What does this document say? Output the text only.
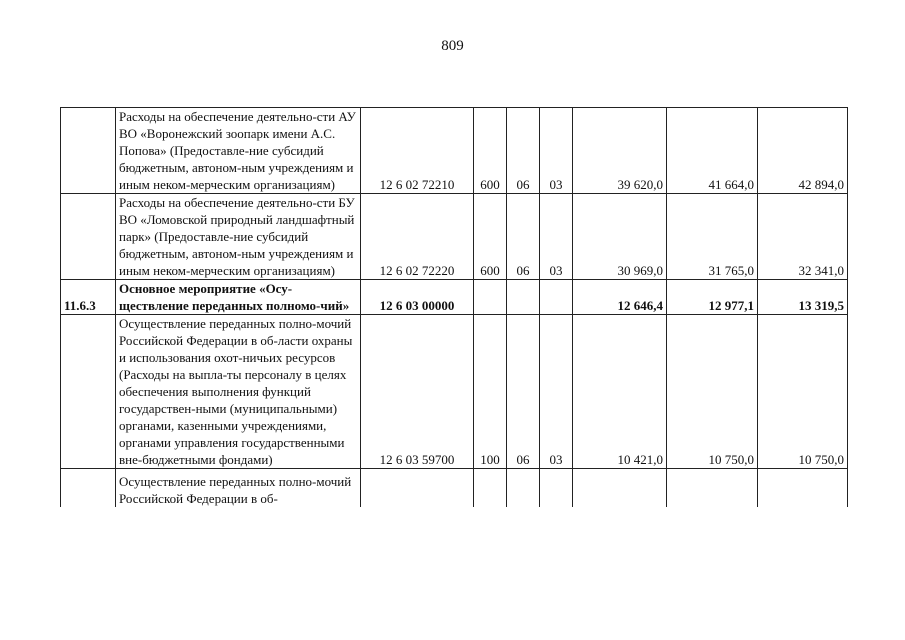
809
	Расходы на обеспечение деятельно-сти АУ ВО «Воронежский зоопарк имени А.С. Попова» (Предоставле-ние субсидий бюджетным, автоном-ным учреждениям и иным неком-мерческим организациям)	12 6 02 72210	600	06	03	39 620,0	41 664,0	42 894,0
	Расходы на обеспечение деятельно-сти БУ ВО «Ломовской природный ландшафтный парк» (Предоставле-ние субсидий бюджетным, автоном-ным учреждениям и иным неком-мерческим организациям)	12 6 02 72220	600	06	03	30 969,0	31 765,0	32 341,0
11.6.3	Основное мероприятие «Осу-ществление переданных полномо-чий»	12 6 03 00000				12 646,4	12 977,1	13 319,5
	Осуществление переданных полно-мочий Российской Федерации в об-ласти охраны и использования охот-ничьих ресурсов (Расходы на выпла-ты персоналу в целях обеспечения выполнения функций государствен-ными (муниципальными) органами, казенными учреждениями, органами управления государственными вне-бюджетными фондами)	12 6 03 59700	100	06	03	10 421,0	10 750,0	10 750,0
	Осуществление переданных полно-мочий Российской Федерации в об-							
